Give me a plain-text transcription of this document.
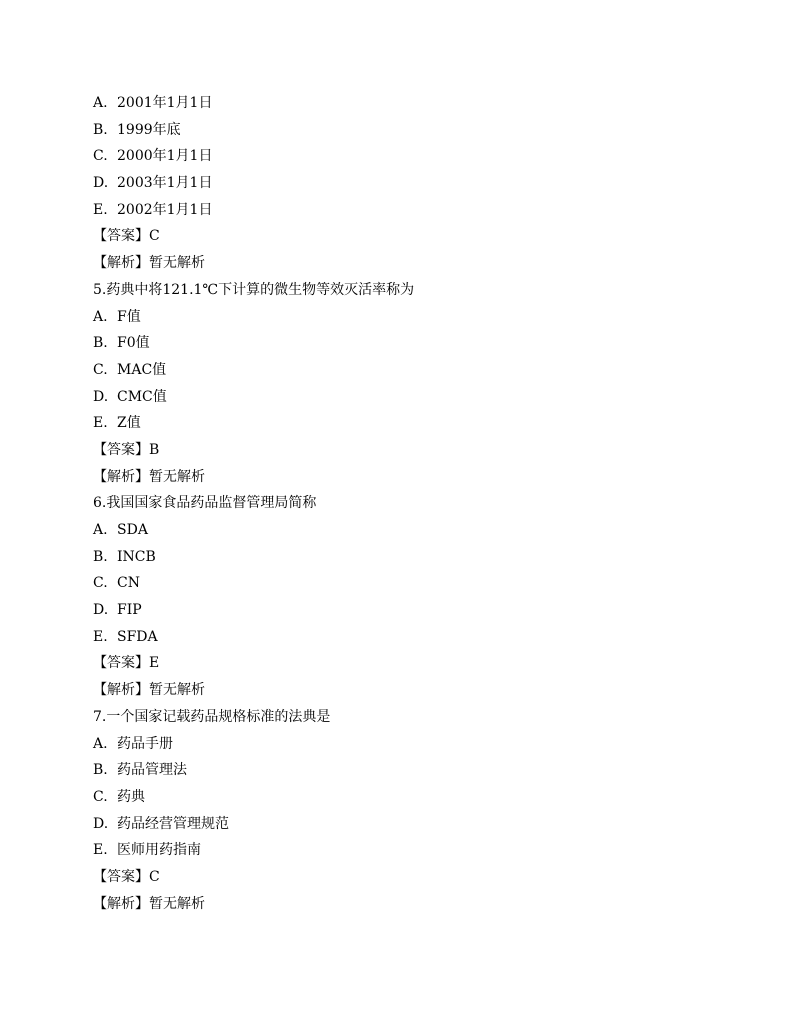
A. 2001年1月1日
B. 1999年底
C. 2000年1月1日
D. 2003年1月1日
E. 2002年1月1日
【答案】C
【解析】暂无解析
5.药典中将121.1℃下计算的微生物等效灭活率称为
A. F值
B. F0值
C. MAC值
D. CMC值
E. Z值
【答案】B
【解析】暂无解析
6.我国国家食品药品监督管理局简称
A. SDA
B. INCB
C. CN
D. FIP
E. SFDA
【答案】E
【解析】暂无解析
7.一个国家记载药品规格标准的法典是
A. 药品手册
B. 药品管理法
C. 药典
D. 药品经营管理规范
E. 医师用药指南
【答案】C
【解析】暂无解析
